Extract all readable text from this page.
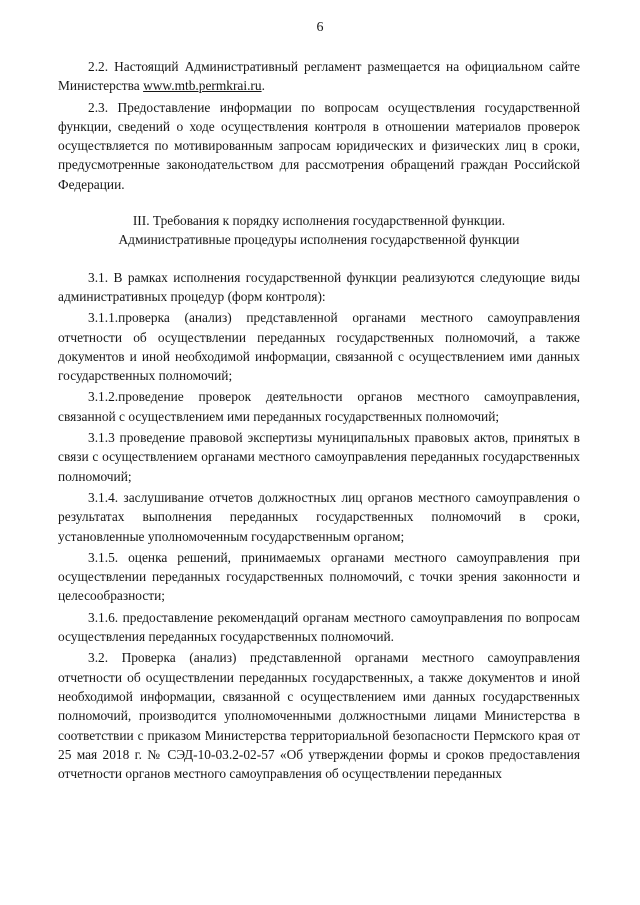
6

2.2. Настоящий Административный регламент размещается на официальном сайте Министерства www.mtb.permkrai.ru.

2.3. Предоставление информации по вопросам осуществления государственной функции, сведений о ходе осуществления контроля в отношении материалов проверок осуществляется по мотивированным запросам юридических и физических лиц в сроки, предусмотренные законодательством для рассмотрения обращений граждан Российской Федерации.

III. Требования к порядку исполнения государственной функции.
Административные процедуры исполнения государственной функции

3.1. В рамках исполнения государственной функции реализуются следующие виды административных процедур (форм контроля):

3.1.1.проверка (анализ) представленной органами местного самоуправления отчетности об осуществлении переданных государственных полномочий, а также документов и иной необходимой информации, связанной с осуществлением ими данных государственных полномочий;

3.1.2.проведение проверок деятельности органов местного самоуправления, связанной с осуществлением ими переданных государственных полномочий;

3.1.3 проведение правовой экспертизы муниципальных правовых актов, принятых в связи с осуществлением органами местного самоуправления переданных государственных полномочий;

3.1.4. заслушивание отчетов должностных лиц органов местного самоуправления о результатах выполнения переданных государственных полномочий в сроки, установленные уполномоченным государственным органом;

3.1.5. оценка решений, принимаемых органами местного самоуправления при осуществлении переданных государственных полномочий, с точки зрения законности и целесообразности;

3.1.6. предоставление рекомендаций органам местного самоуправления по вопросам осуществления переданных государственных полномочий.

3.2. Проверка (анализ) представленной органами местного самоуправления отчетности об осуществлении переданных государственных, а также документов и иной необходимой информации, связанной с осуществлением ими данных государственных полномочий, производится уполномоченными должностными лицами Министерства в соответствии с приказом Министерства территориальной безопасности Пермского края от 25 мая 2018 г. № СЭД-10-03.2-02-57 «Об утверждении формы и сроков предоставления отчетности органов местного самоуправления об осуществлении переданных
